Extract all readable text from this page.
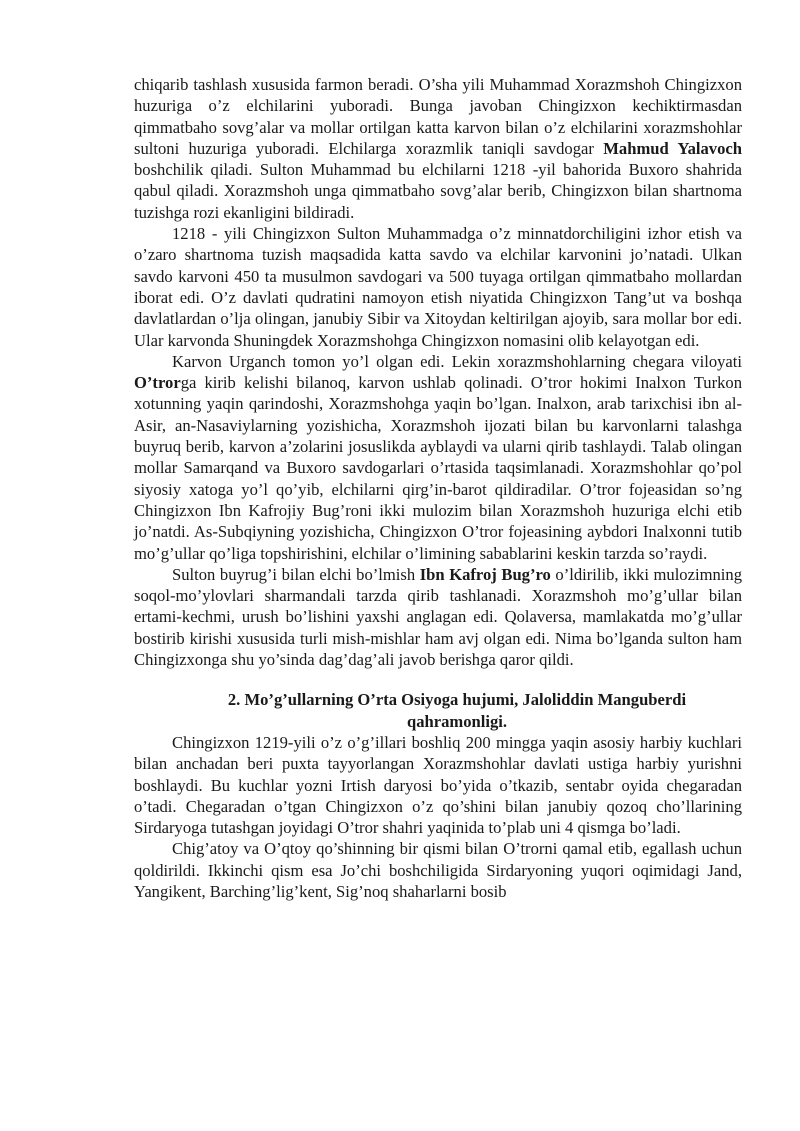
chiqarib tashlash xususida farmon beradi. O’sha yili Muhammad Xorazmshoh Chingizxon huzuriga o’z elchilarini yuboradi. Bunga javoban Chingizxon kechiktirmasdan qimmatbaho sovg’alar va mollar ortilgan katta karvon bilan o’z elchilarini xorazmshohlar sultoni huzuriga yuboradi. Elchilarga xorazmlik taniqli savdogar Mahmud Yalavoch boshchilik qiladi. Sulton Muhammad bu elchilarni 1218 -yil bahorida Buxoro shahrida qabul qiladi. Xorazmshoh unga qimmatbaho sovg’alar berib, Chingizxon bilan shartnoma tuzishga rozi ekanligini bildiradi.

1218 - yili Chingizxon Sulton Muhammadga o’z minnatdorchiligini izhor etish va o’zaro shartnoma tuzish maqsadida katta savdo va elchilar karvonini jo’natadi. Ulkan savdo karvoni 450 ta musulmon savdogari va 500 tuyaga ortilgan qimmatbaho mollardan iborat edi. O’z davlati qudratini namoyon etish niyatida Chingizxon Tang’ut va boshqa davlatlardan o’lja olingan, janubiy Sibir va Xitoydan keltirilgan ajoyib, sara mollar bor edi. Ular karvonda Shuningdek Xorazmshohga Chingizxon nomasini olib kelayotgan edi.

Karvon Urganch tomon yo’l olgan edi. Lekin xorazmshohlarning chegara viloyati O’trorga kirib kelishi bilanoq, karvon ushlab qolinadi. O’tror hokimi Inalxon Turkon xotunning yaqin qarindoshi, Xorazmshohga yaqin bo’lgan. Inalxon, arab tarixchisi ibn al-Asir, an-Nasaviylarning yozishicha, Xorazmshoh ijozati bilan bu karvonlarni talashga buyruq berib, karvon a’zolarini josuslikda ayblaydi va ularni qirib tashlaydi. Talab olingan mollar Samarqand va Buxoro savdogarlari o’rtasida taqsimlanadi. Xorazmshohlar qo’pol siyosiy xatoga yo’l qo’yib, elchilarni qirg’in-barot qildiradilar. O’tror fojeasidan so’ng Chingizxon Ibn Kafrojiy Bug’roni ikki mulozim bilan Xorazmshoh huzuriga elchi etib jo’natdi. As-Subqiyning yozishicha, Chingizxon O’tror fojeasining aybdori Inalxonni tutib mo’g’ullar qo’liga topshirishini, elchilar o’limining sabablarini keskin tarzda so’raydi.

Sulton buyrug’i bilan elchi bo’lmish Ibn Kafroj Bug’ro o’ldirilib, ikki mulozimning soqol-mo’ylovlari sharmandali tarzda qirib tashlanadi. Xorazmshoh mo’g’ullar bilan ertami-kechmi, urush bo’lishini yaxshi anglagan edi. Qolaversa, mamlakatda mo’g’ullar bostirib kirishi xususida turli mish-mishlar ham avj olgan edi. Nima bo’lganda sulton ham Chingizxonga shu yo’sinda dag’dag’ali javob berishga qaror qildi.

2. Mo’g’ullarning O’rta Osiyoga hujumi, Jaloliddin Manguberdi
qahramonligi.

Chingizxon 1219-yili o’z o’g’illari boshliq 200 mingga yaqin asosiy harbiy kuchlari bilan anchadan beri puxta tayyorlangan Xorazmshohlar davlati ustiga harbiy yurishni boshlaydi. Bu kuchlar yozni Irtish daryosi bo’yida o’tkazib, sentabr oyida chegaradan o’tadi. Chegaradan o’tgan Chingizxon o’z qo’shini bilan janubiy qozoq cho’llarining Sirdaryoga tutashgan joyidagi O’tror shahri yaqinida to’plab uni 4 qismga bo’ladi.

Chig’atoy va O’qtoy qo’shinning bir qismi bilan O’trorni qamal etib, egallash uchun qoldirildi. Ikkinchi qism esa Jo’chi boshchiligida Sirdaryoning yuqori oqimidagi Jand, Yangikent, Barching’lig’kent, Sig’noq shaharlarni bosib
